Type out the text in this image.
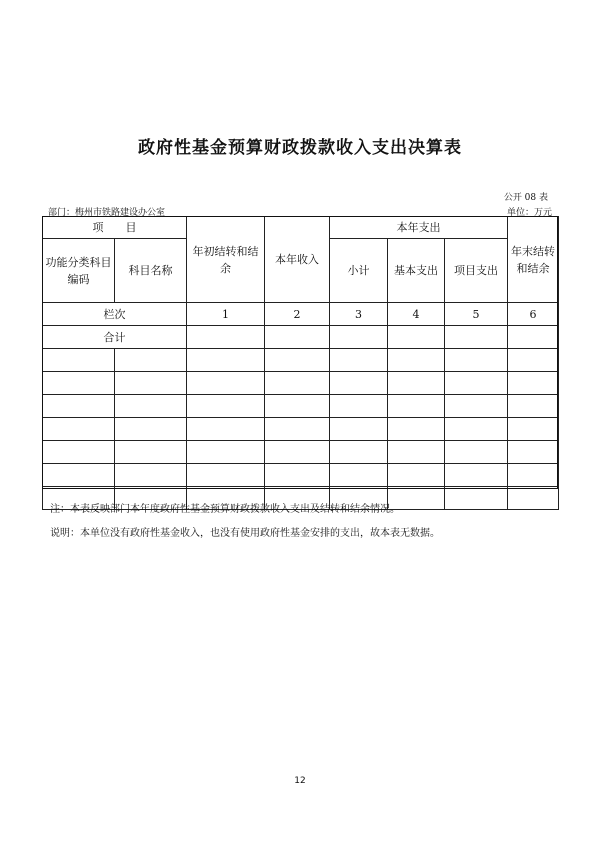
政府性基金预算财政拨款收入支出决算表
公开 08 表
部门：梅州市铁路建设办公室	单位：万元
项　　目		年初结转和结余	本年收入	本年支出			年末结转和结余
功能分类科目编码	科目名称			小计	基本支出	项目支出	
栏次		1	2	3	4	5	6
合计							

注：本表反映部门本年度政府性基金预算财政拨款收入支出及结转和结余情况。
说明：本单位没有政府性基金收入，也没有使用政府性基金安排的支出，故本表无数据。
12
